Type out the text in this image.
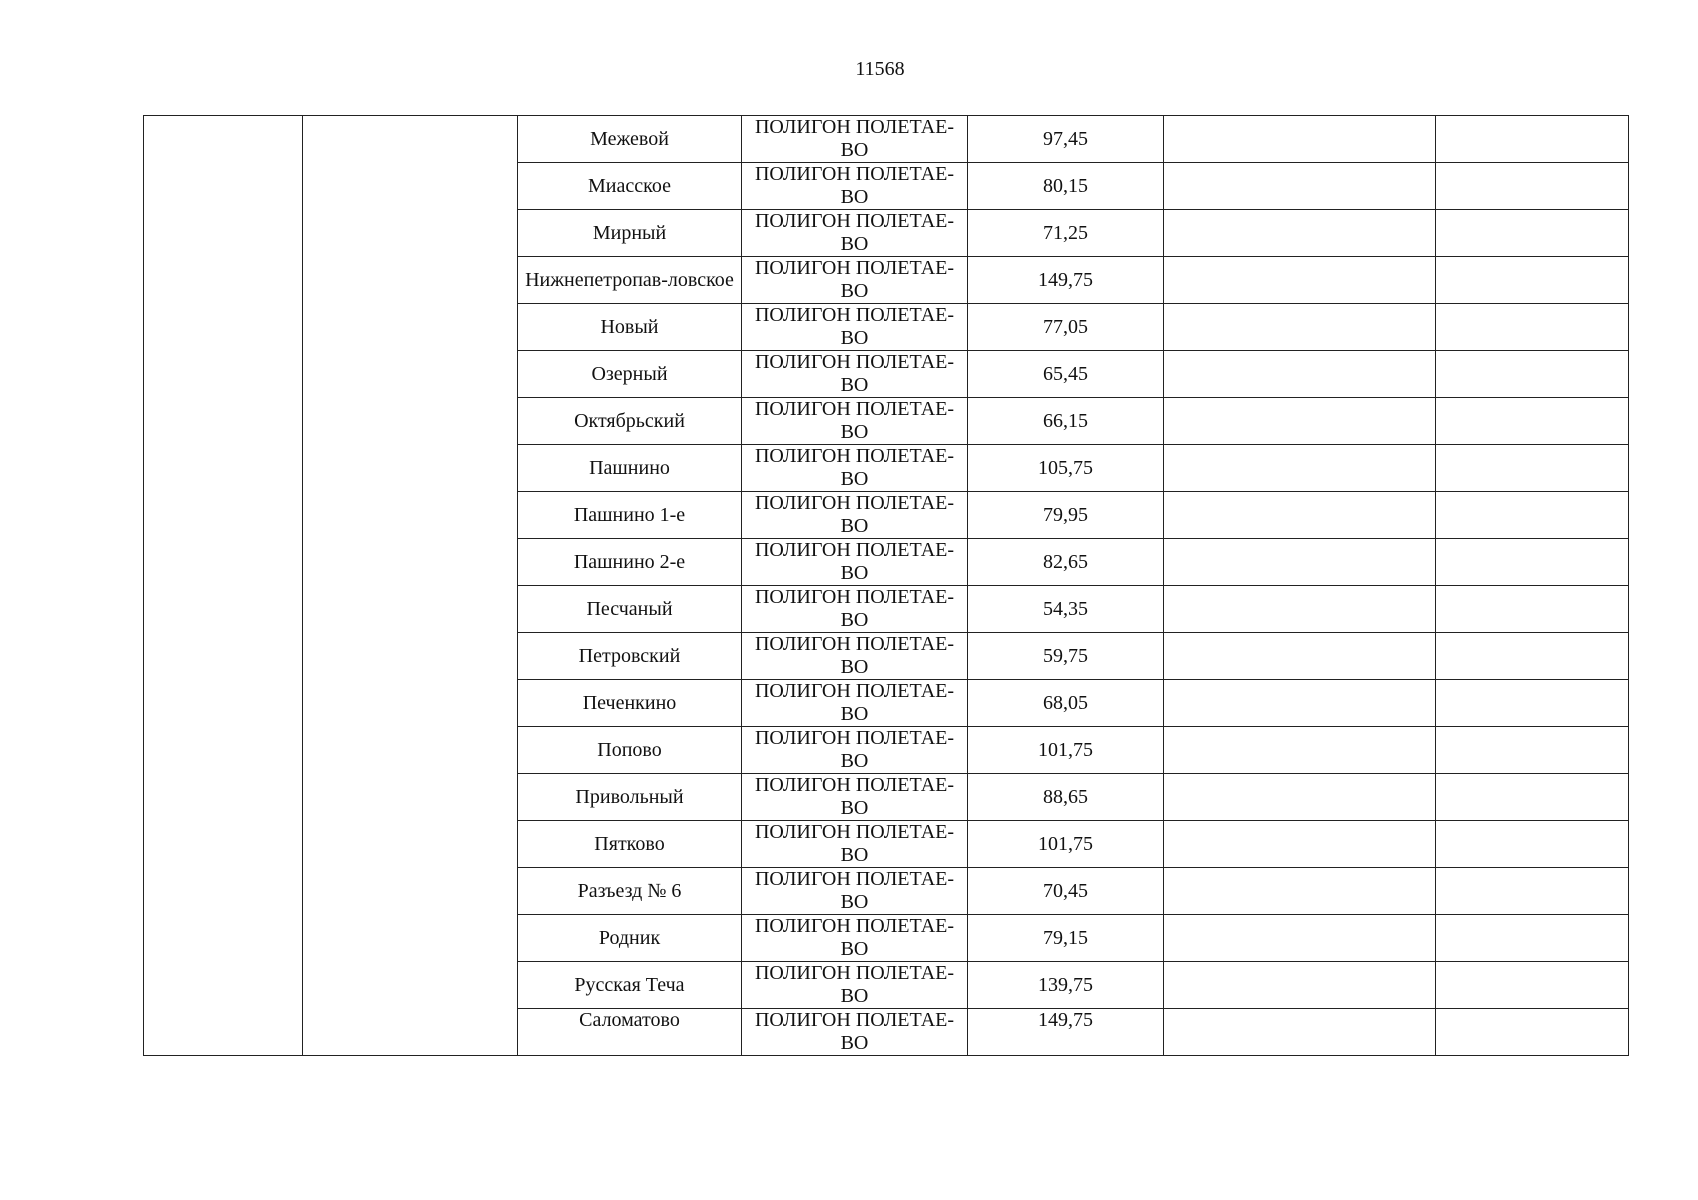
11568
		Межевой	ПОЛИГОН ПОЛЕТАЕ-ВО	97,45		
		Миасское	ПОЛИГОН ПОЛЕТАЕ-ВО	80,15		
		Мирный	ПОЛИГОН ПОЛЕТАЕ-ВО	71,25		
		Нижнепетропав-ловское	ПОЛИГОН ПОЛЕТАЕ-ВО	149,75		
		Новый	ПОЛИГОН ПОЛЕТАЕ-ВО	77,05		
		Озерный	ПОЛИГОН ПОЛЕТАЕ-ВО	65,45		
		Октябрьский	ПОЛИГОН ПОЛЕТАЕ-ВО	66,15		
		Пашнино	ПОЛИГОН ПОЛЕТАЕ-ВО	105,75		
		Пашнино 1-е	ПОЛИГОН ПОЛЕТАЕ-ВО	79,95		
		Пашнино 2-е	ПОЛИГОН ПОЛЕТАЕ-ВО	82,65		
		Песчаный	ПОЛИГОН ПОЛЕТАЕ-ВО	54,35		
		Петровский	ПОЛИГОН ПОЛЕТАЕ-ВО	59,75		
		Печенкино	ПОЛИГОН ПОЛЕТАЕ-ВО	68,05		
		Попово	ПОЛИГОН ПОЛЕТАЕ-ВО	101,75		
		Привольный	ПОЛИГОН ПОЛЕТАЕ-ВО	88,65		
		Пятково	ПОЛИГОН ПОЛЕТАЕ-ВО	101,75		
		Разъезд № 6	ПОЛИГОН ПОЛЕТАЕ-ВО	70,45		
		Родник	ПОЛИГОН ПОЛЕТАЕ-ВО	79,15		
		Русская Теча	ПОЛИГОН ПОЛЕТАЕ-ВО	139,75		
		Саломатово	ПОЛИГОН ПОЛЕТАЕ-ВО	149,75		
